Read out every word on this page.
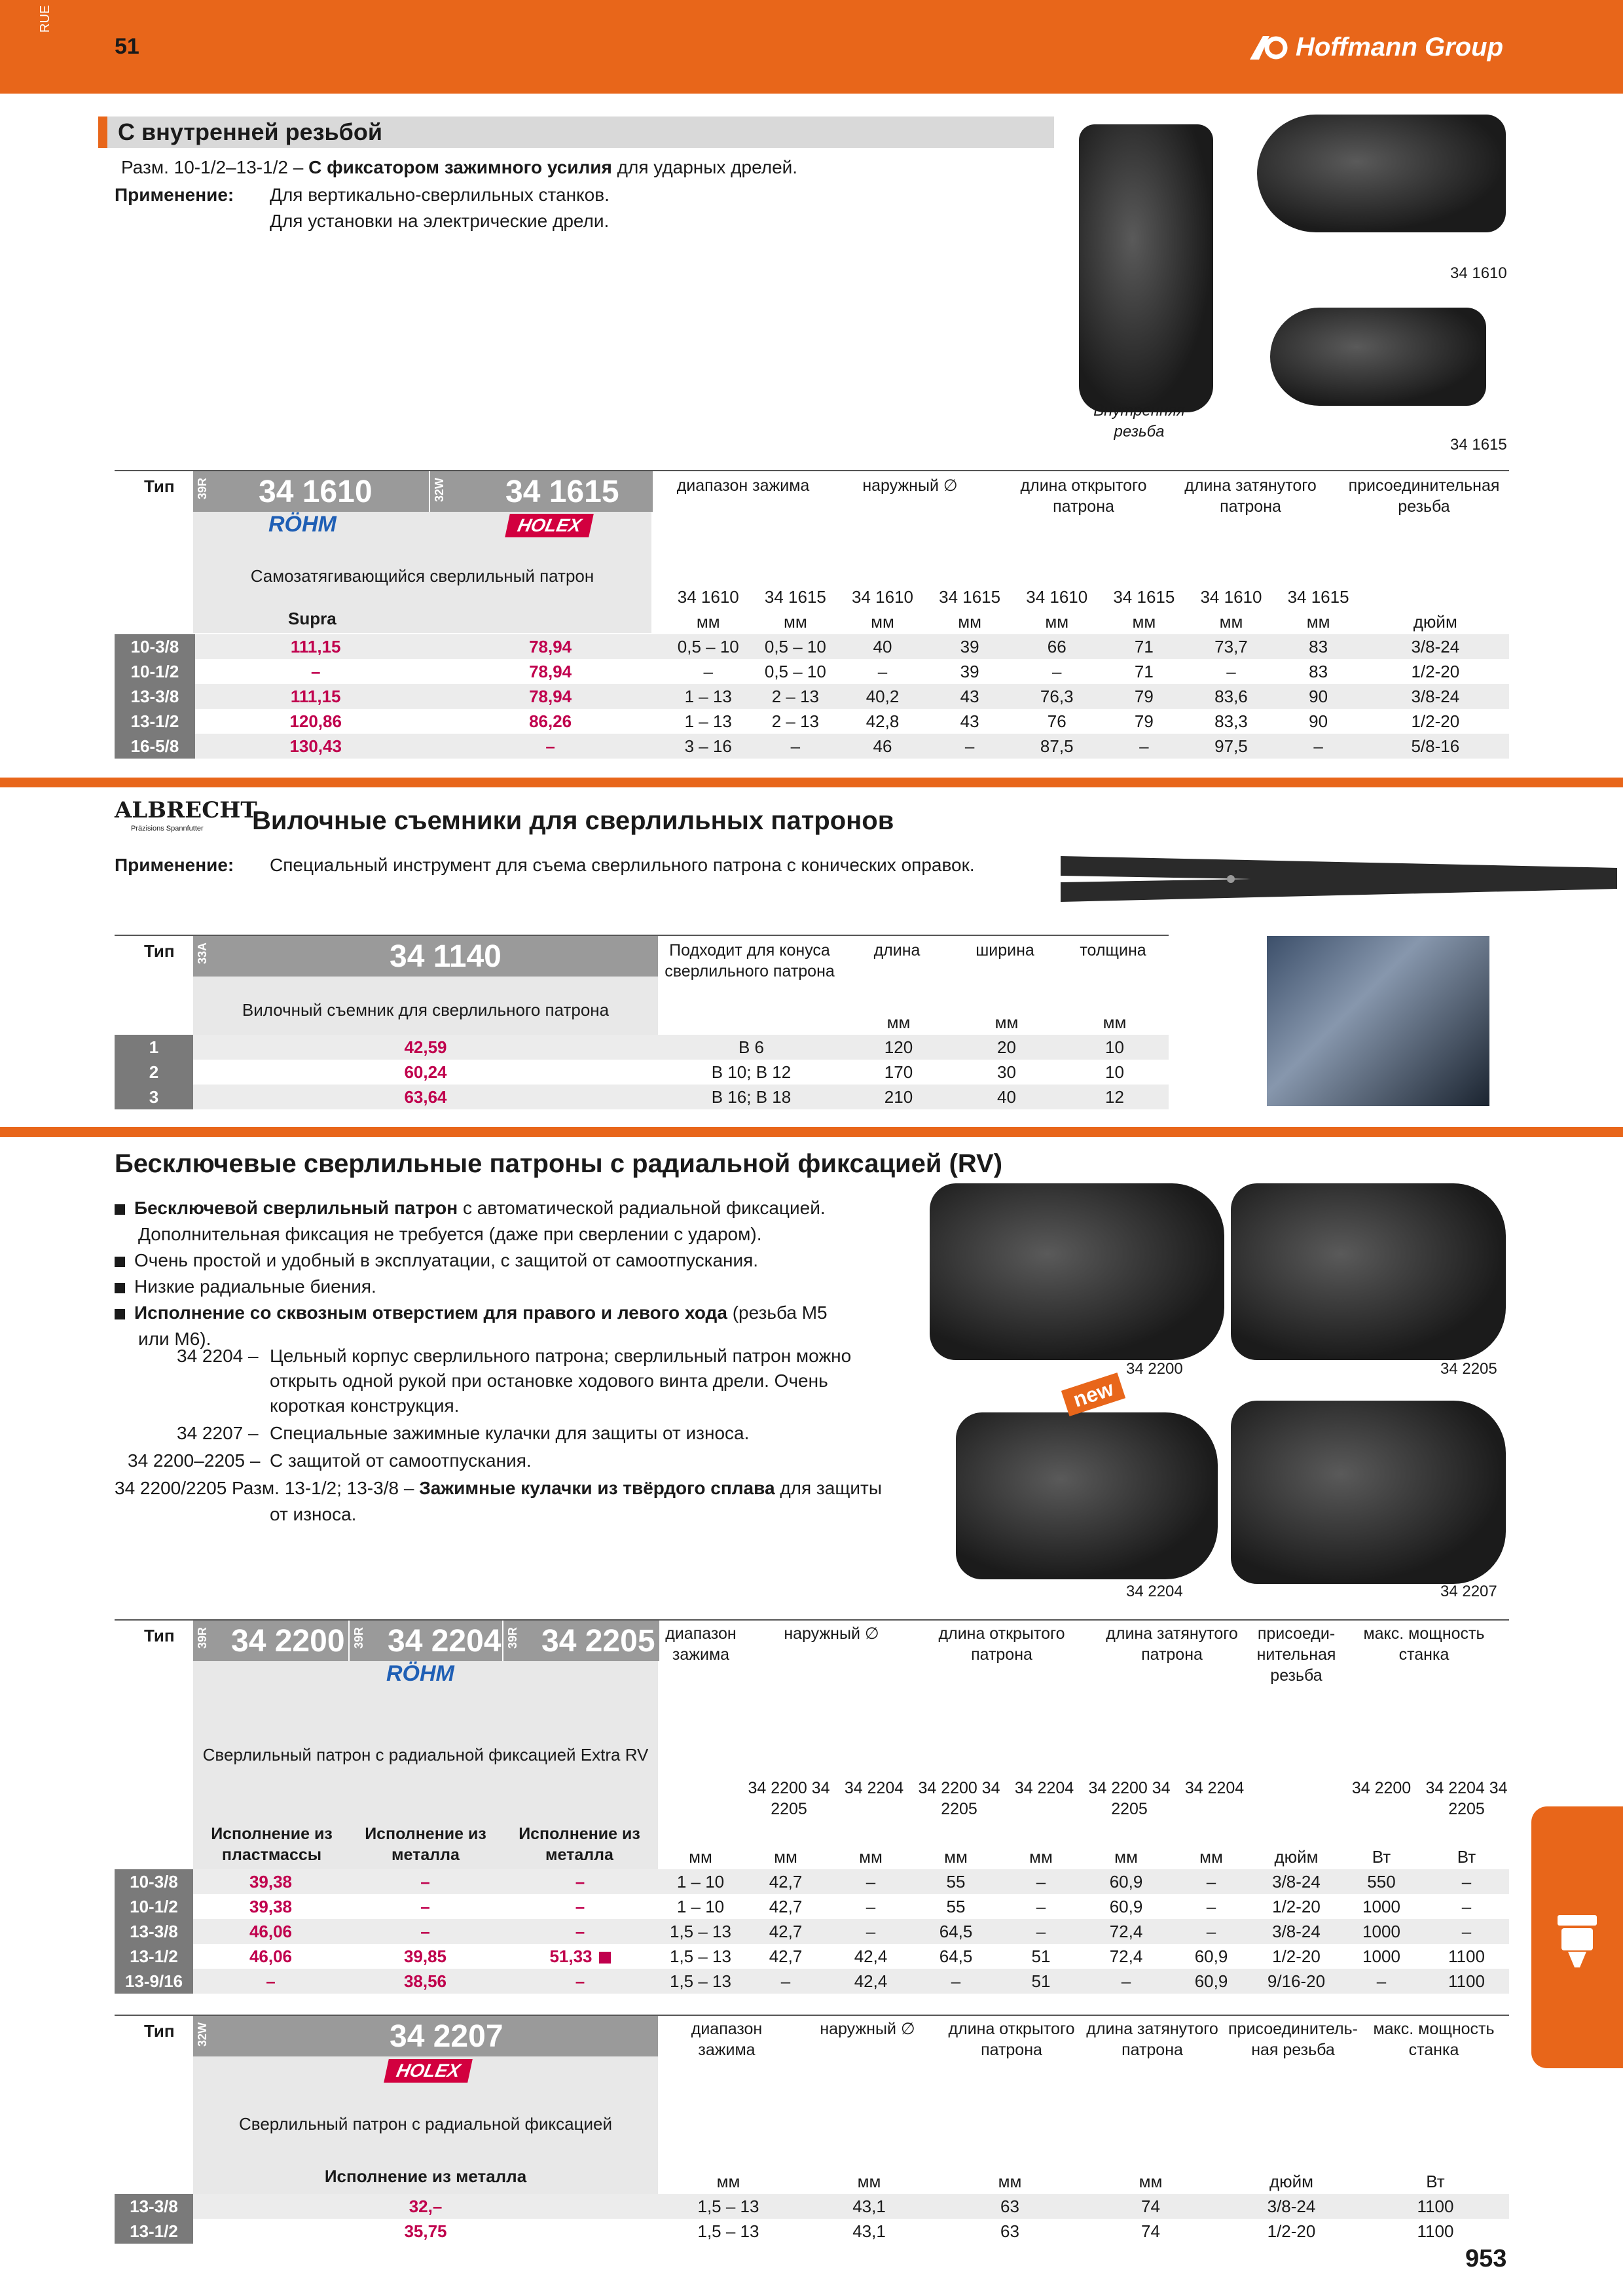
RUE
51	Hoffmann Group
С внутренней резьбой
Разм. 10-1/2–13-1/2 – С фиксатором зажимного усилия для ударных дрелей.
Применение: Для вертикально-сверлильных станков.
Для установки на электрические дрели.
34 1610
34 1615
Внутренняя резьба
Тип 39R 34 1610	32W 34 1615
RÖHM	HOLEX
Самозатягивающийся сверлильный патрон
Supra
диапазон зажима	наружный ∅	длина открытого патрона
длина затянутого патрона
присоединительная резьба
			34 1610	34 1615	34 1610	34 1615	34 1610	34 1615	34 1610	34 1615	
			мм	мм	мм	мм	мм	мм	мм	мм	дюйм
10-3/8	111,15	78,94	0,5 – 10	0,5 – 10	40	39	66	71	73,7	83	3/8-24
10-1/2	–	78,94	–	0,5 – 10	–	39	–	71	–	83	1/2-20
13-3/8	111,15	78,94	1 – 13	2 – 13	40,2	43	76,3	79	83,6	90	3/8-24
13-1/2	120,86	86,26	1 – 13	2 – 13	42,8	43	76	79	83,3	90	1/2-20
16-5/8	130,43	–	3 – 16	–	46	–	87,5	–	97,5	–	5/8-16
ALBRECHT
Präzisions Spannfutter Вилочные съемники для сверлильных патронов
Применение: Специальный инструмент для съема сверлильного патрона с конических оправок.
Тип 33A	34 1140
Вилочный съемник для сверлильного патрона
Подходит для конуса сверлильного патрона
длина	ширина	толщина
			мм	мм	мм
1	42,59	B 6	120	20	10
2	60,24	B 10; B 12	170	30	10
3	63,64	B 16; B 18	210	40	12
Бесключевые сверлильные патроны с радиальной фиксацией (RV)
Бесключевой сверлильный патрон с автоматической радиальной фиксацией.
Дополнительная фиксация не требуется (даже при сверлении с ударом).
Очень простой и удобный в эксплуатации, с защитой от самоотпускания.
Низкие радиальные биения.
Исполнение со сквозным отверстием для правого и левого хода (резьба M5
или M6).
34 2204 – Цельный корпус сверлильного патрона; сверлильный патрон можно
открыть одной рукой при остановке ходового винта дрели. Очень
короткая конструкция.
34 2207 – Специальные зажимные кулачки для защиты от износа.
34 2200–2205 – С защитой от самоотпускания.
34 2200/2205 Разм. 13-1/2; 13-3/8 – Зажимные кулачки из твёрдого сплава для защиты
от износа.
new
34 2200	34 2205
34 2204	34 2207
Тип 39R 34 2200 39R 34 2204 39R 34 2205
RÖHM
Сверлильный патрон с радиальной фиксацией Extra RV
Исполнение из пластмассы
Исполнение из металла
Исполнение из металла
диапазон зажима
наружный ∅	длина открытого патрона
длина затянутого патрона
присоеди-нительная резьба
макс. мощность станка
34 2200 34 2205
34 2204 34 2200 34 2205
34 2204 34 2200 34 2205
34 2204	34 2200 34 2204 34 2205
				мм	мм	мм	мм	мм	мм	мм	дюйм	Вт	Вт
10-3/8	39,38	–	–	1 – 10	42,7	–	55	–	60,9	–	3/8-24	550	–
10-1/2	39,38	–	–	1 – 10	42,7	–	55	–	60,9	–	1/2-20	1000	–
13-3/8	46,06	–	–	1,5 – 13	42,7	–	64,5	–	72,4	–	3/8-24	1000	–
13-1/2	46,06	39,85	51,33	1,5 – 13	42,7	42,4	64,5	51	72,4	60,9	1/2-20	1000	1100
13-9/16	–	38,56	–	1,5 – 13	–	42,4	–	51	–	60,9	9/16-20	–	1100
Тип 32W	34 2207
HOLEX
Сверлильный патрон с радиальной фиксацией
Исполнение из металла
диапазон зажима
наружный ∅	длина открытого патрона
длина затянутого патрона
присоединитель-ная резьба
макс. мощность станка
		мм	мм	мм	мм	дюйм	Вт
13-3/8	32,–	1,5 – 13	43,1	63	74	3/8-24	1100
13-1/2	35,75	1,5 – 13	43,1	63	74	1/2-20	1100
953
